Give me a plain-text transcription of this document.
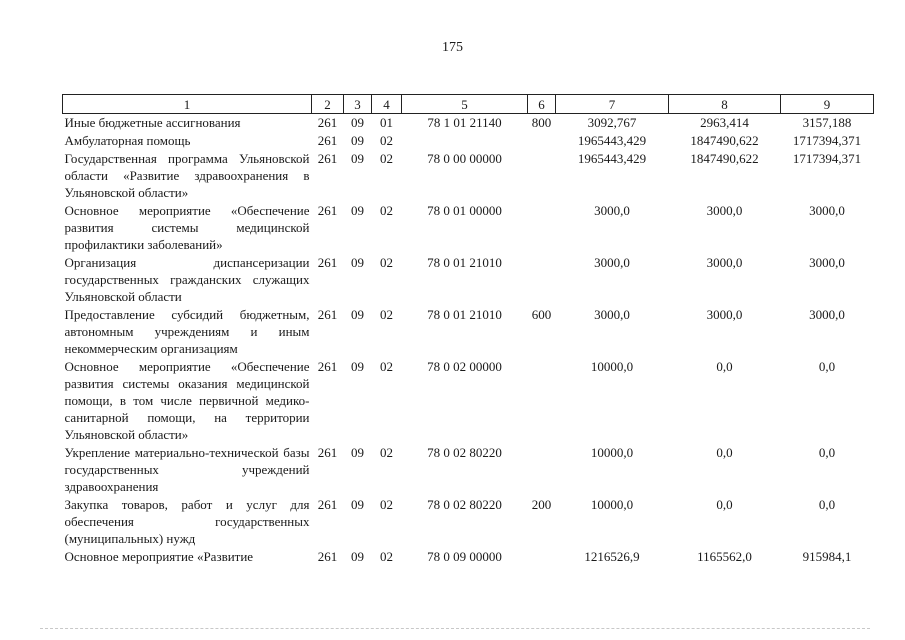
175
1	2	3	4	5	6	7	8	9
Иные бюджетные ассигнования	261	09	01	78 1 01 21140	800	3092,767	2963,414	3157,188
Амбулаторная помощь	261	09	02			1965443,429	1847490,622	1717394,371
Государственная программа Ульяновской области «Развитие здравоохранения в Ульяновской области»	261	09	02	78 0 00 00000		1965443,429	1847490,622	1717394,371
Основное мероприятие «Обеспечение развития системы медицинской профилактики заболеваний»	261	09	02	78 0 01 00000		3000,0	3000,0	3000,0
Организация диспансеризации государственных гражданских служащих Ульяновской области	261	09	02	78 0 01 21010		3000,0	3000,0	3000,0
Предоставление субсидий бюджетным, автономным учреждениям и иным некоммерческим организациям	261	09	02	78 0 01 21010	600	3000,0	3000,0	3000,0
Основное мероприятие «Обеспечение развития системы оказания медицинской помощи, в том числе первичной медико-санитарной помощи, на территории Ульяновской области»	261	09	02	78 0 02 00000		10000,0	0,0	0,0
Укрепление материально-технической базы государственных учреждений здравоохранения	261	09	02	78 0 02 80220		10000,0	0,0	0,0
Закупка товаров, работ и услуг для обеспечения государственных (муниципальных) нужд	261	09	02	78 0 02 80220	200	10000,0	0,0	0,0
Основное мероприятие «Развитие	261	09	02	78 0 09 00000		1216526,9	1165562,0	915984,1
